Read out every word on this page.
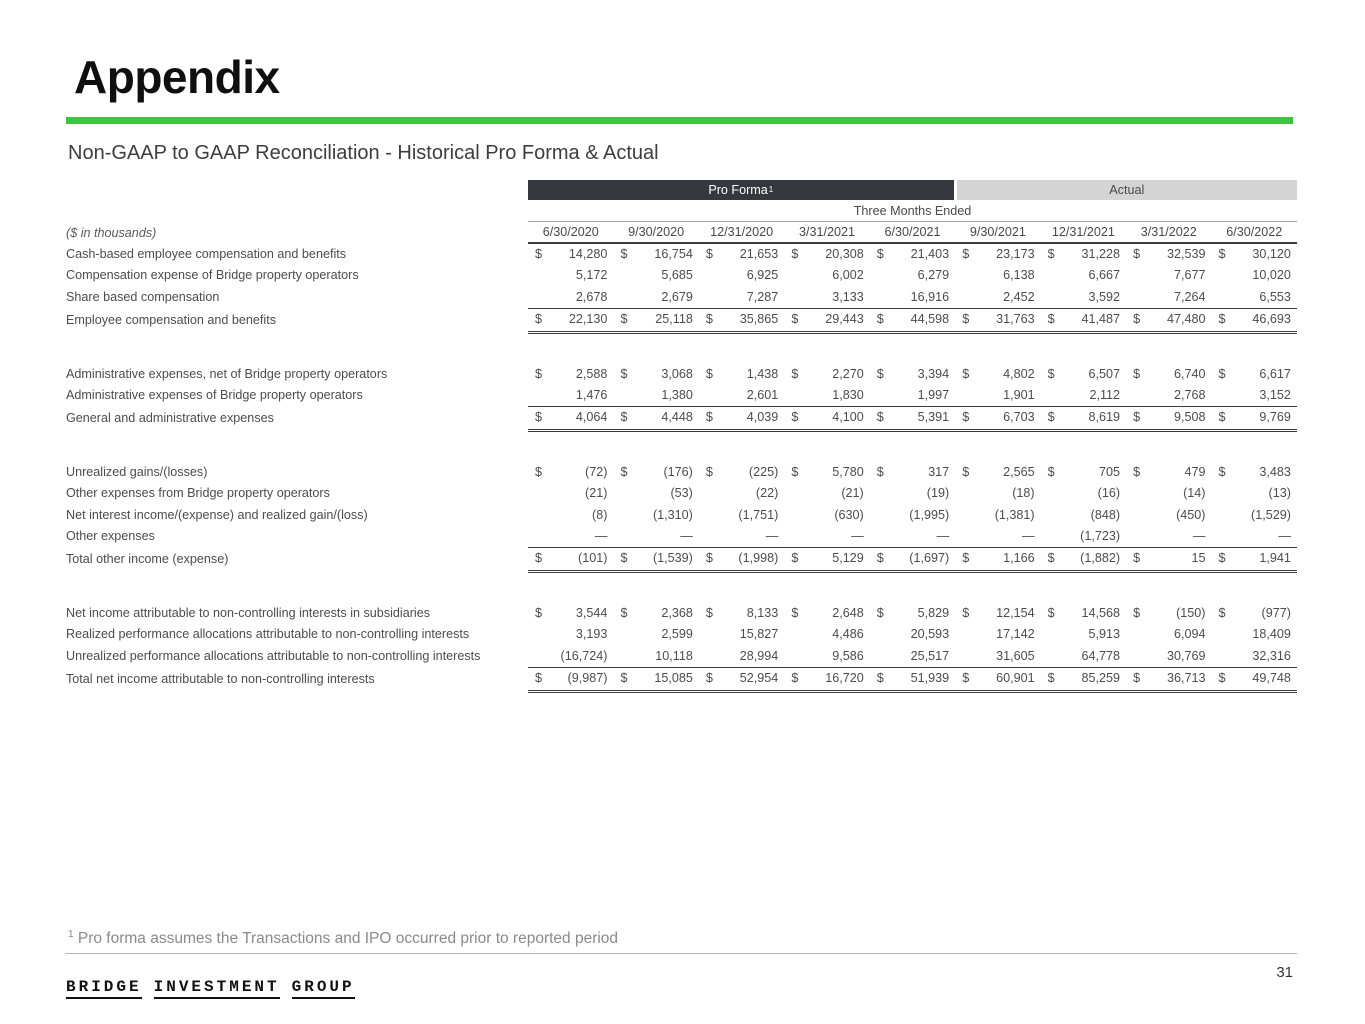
Appendix
Non-GAAP to GAAP Reconciliation - Historical Pro Forma & Actual
Pro Forma 1	Actual
Three Months Ended
($ in thousands)	6/30/2020	9/30/2020	12/31/2020	3/31/2021	6/30/2021	9/30/2021	12/31/2021	3/31/2022	6/30/2022
Cash-based employee compensation and benefits	$ 14,280 $ 16,754 $ 21,653 $ 20,308 $ 21,403 $ 23,173 $ 31,228 $ 32,539 $ 30,120
Compensation expense of Bridge property operators	5,172	5,685	6,925	6,002	6,279	6,138	6,667	7,677	10,020
Share based compensation	2,678	2,679	7,287	3,133	16,916	2,452	3,592	7,264	6,553
Employee compensation and benefits	$ 22,130 $ 25,118 $ 35,865 $ 29,443 $ 44,598 $ 31,763 $ 41,487 $ 47,480 $ 46,693
Administrative expenses, net of Bridge property operators	$	2,588 $	3,068 $	1,438 $	2,270 $	3,394 $	4,802 $	6,507 $	6,740 $	6,617
Administrative expenses of Bridge property operators	1,476	1,380	2,601	1,830	1,997	1,901	2,112	2,768	3,152
General and administrative expenses	$	4,064 $	4,448 $	4,039 $	4,100 $	5,391 $	6,703 $	8,619 $	9,508 $	9,769
Unrealized gains/(losses)	$	(72) $	(176) $	(225) $	5,780 $	317 $	2,565 $	705 $	479 $	3,483
Other expenses from Bridge property operators	(21)	(53)	(22)	(21)	(19)	(18)	(16)	(14)	(13)
Net interest income/(expense) and realized gain/(loss)	(8)	(1,310)	(1,751)	(630)	(1,995)	(1,381)	(848)	(450)	(1,529)
Other expenses	—	—	—	—	—	—	(1,723)	—	—
Total other income (expense)	$	(101) $ (1,539) $ (1,998) $	5,129 $ (1,697) $	1,166 $ (1,882) $	15 $	1,941
Net income attributable to non-controlling interests in subsidiaries	$	3,544 $	2,368 $	8,133 $	2,648 $	5,829 $ 12,154 $ 14,568 $	(150) $	(977)
Realized performance allocations attributable to non-controlling interests	3,193	2,599	15,827	4,486	20,593	17,142	5,913	6,094	18,409
Unrealized performance allocations attributable to non-controlling interests	(16,724)	10,118	28,994	9,586	25,517	31,605	64,778	30,769	32,316
Total net income attributable to non-controlling interests	$ (9,987) $ 15,085 $ 52,954 $ 16,720 $ 51,939 $ 60,901 $ 85,259 $ 36,713 $ 49,748
$^1$ Pro forma assumes the Transactions and IPO occurred prior to reported period
BRIDGE INVESTMENT GROUP
31
